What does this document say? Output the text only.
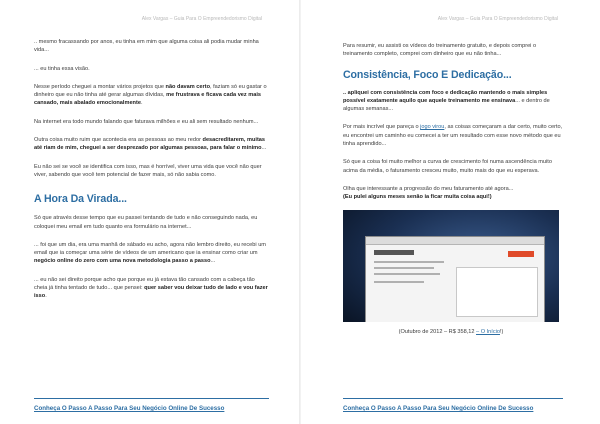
Alex Vargas – Guia Para O Empreendedorismo Digital

.. mesmo fracassando por anos, eu tinha em mim que alguma coisa ali podia mudar minha vida...

... eu tinha essa visão.

Nesse período cheguei a montar vários projetos que não davam certo, faziam só eu gastar o dinheiro que eu não tinha até gerar algumas dívidas, me frustrava e ficava cada vez mais cansado, mais abalado emocionalmente.

Na internet era todo mundo falando que faturava milhões e eu ali sem resultado nenhum...

Outra coisa muito ruim que acontecia era as pessoas ao meu redor desacreditarem, muitas até riam de mim, cheguei a ser desprezado por algumas pessoas, para falar o mínimo...

Eu não sei se você se identifica com isso, mas é horrível, viver uma vida que você não quer viver, sabendo que você tem potencial de fazer mais, só não sabia como.

A Hora Da Virada...

Só que através desse tempo que eu passei tentando de tudo e não conseguindo nada, eu coloquei meu email em tudo quanto era formulário na internet...

... foi que um dia, era uma manhã de sábado eu acho, agora não lembro direito, eu recebi um email que ia começar uma série de vídeos de um americano que ia ensinar como criar um negócio online do zero com uma nova metodologia passo a passo...

... eu não sei direito porque acho que porque eu já estava tão cansado com a cabeça tão cheia já tinha tentado de tudo... que pensei: quer saber vou deixar tudo de lado e vou fazer isso.

Conheça O Passo A Passo Para Seu Negócio Online De Sucesso
Alex Vargas – Guia Para O Empreendedorismo Digital

Para resumir, eu assisti os vídeos do treinamento gratuito, e depois comprei o treinamento completo, comprei com dinheiro que eu não tinha...

Consistência, Foco E Dedicação...

.. apliquei com consistência com foco e dedicação mantendo o mais simples possível exatamente aquilo que aquele treinamento me ensinava... e dentro de algumas semanas...

Por mais incrível que pareça o jogo virou, as coisas começaram a dar certo, muito certo, eu encontrei um caminho eu comecei a ter um resultado com esse novo método que eu tinha aprendido...

Só que a coisa foi muito melhor a curva de crescimento foi numa ascendência muito acima da média, o faturamento cresceu muito, muito mais do que eu esperava.

Olha que interessante a progressão do meu faturamento até agora...
(Eu pulei alguns meses senão ia ficar muita coisa aqui!)

(Outubro de 2012 – R$ 358,12 – O Início!)

Conheça O Passo A Passo Para Seu Negócio Online De Sucesso
